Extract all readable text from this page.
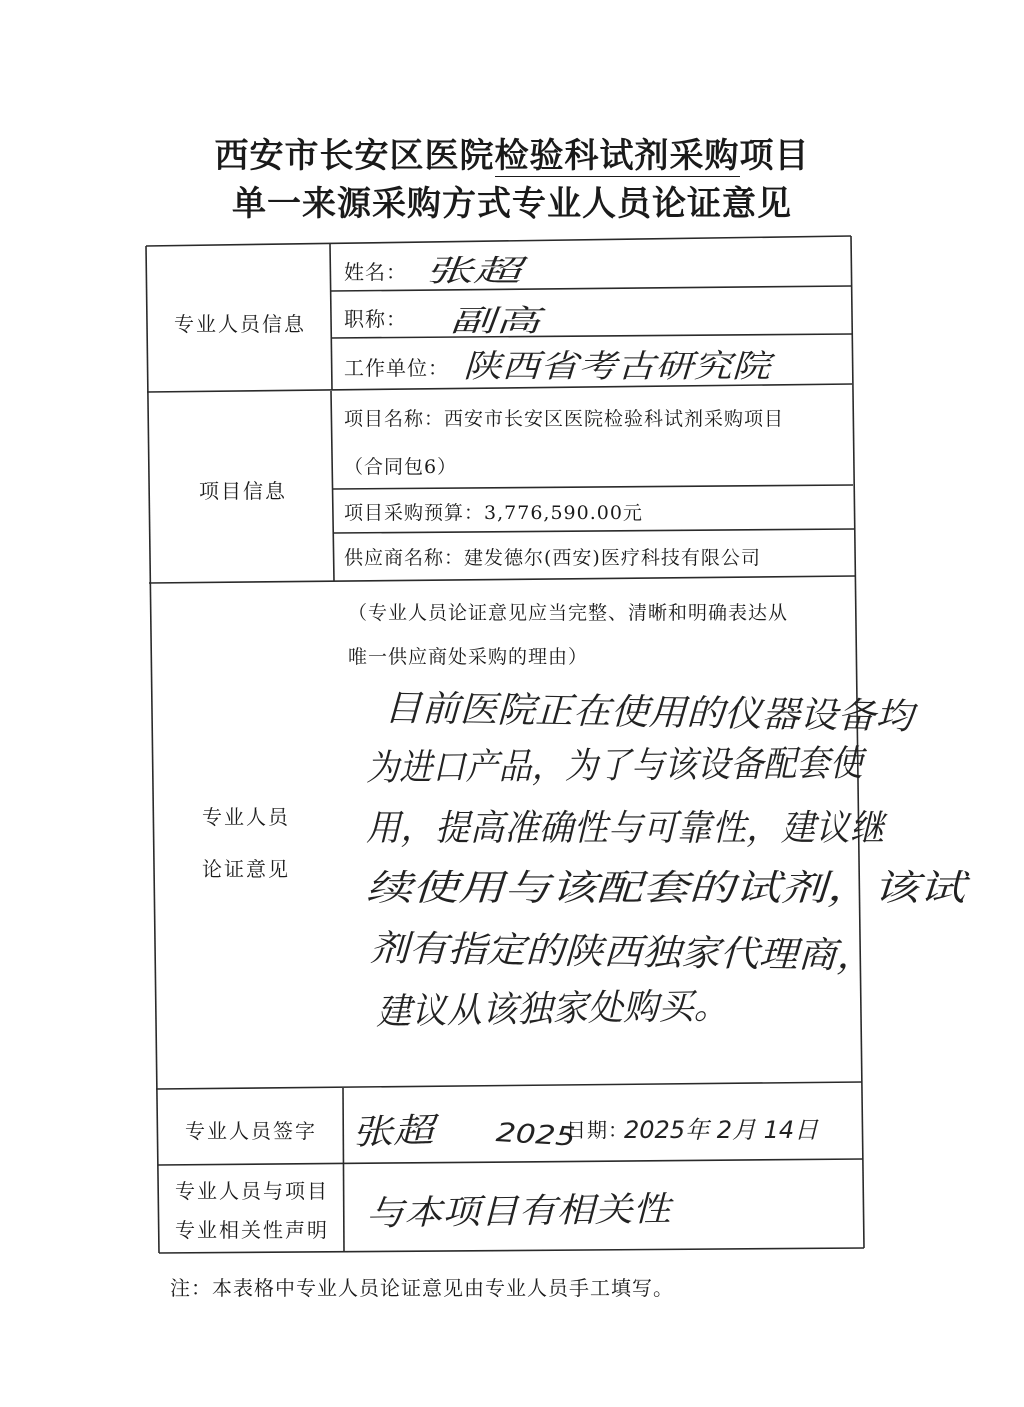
西安市长安区医院检验科试剂采购项目
单一来源采购方式专业人员论证意见
专业人员信息
姓名： 张超
职称： 副高
工作单位： 陕西省考古研究院
项目信息
项目名称：西安市长安区医院检验科试剂采购项目
（合同包6）
项目采购预算：3,776,590.00元
供应商名称：建发德尔(西安)医疗科技有限公司
专业人员
论证意见
（专业人员论证意见应当完整、清晰和明确表达从
唯一供应商处采购的理由）
目前医院正在使用的仪器设备均
为进口产品，为了与该设备配套使
用，提高准确性与可靠性，建议继
续使用与该配套的试剂，该试
剂有指定的陕西独家代理商，
建议从该独家处购买。
专业人员签字	张超 2025
日期：
2025年 2月 14日
专业人员与项目
专业相关性声明	与本项目有相关性
注：本表格中专业人员论证意见由专业人员手工填写。
